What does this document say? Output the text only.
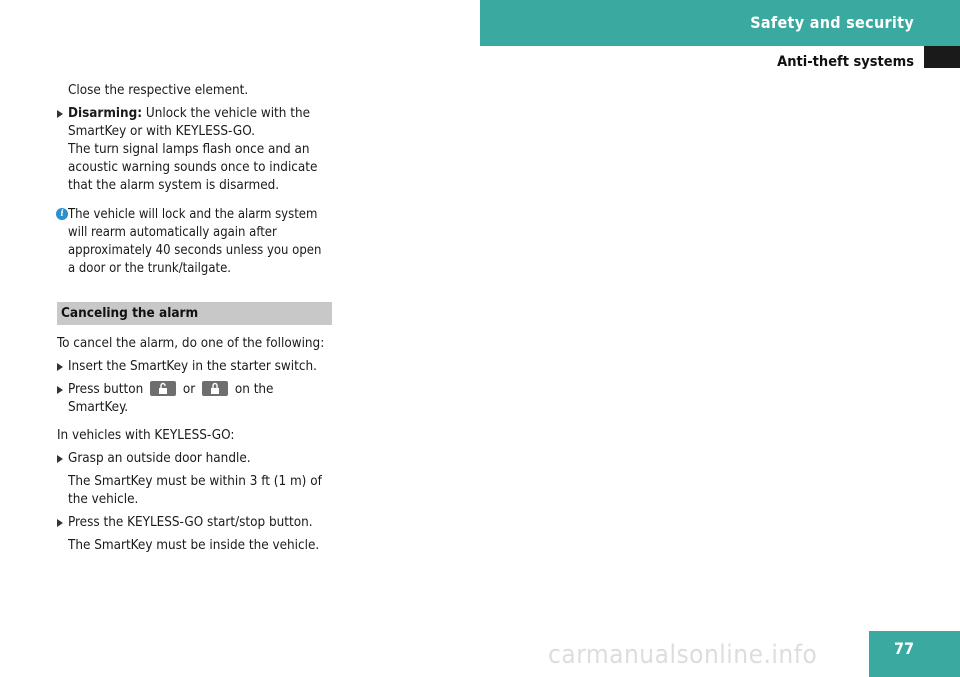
Safety and security
Anti-theft systems

Close the respective element.

Disarming: Unlock the vehicle with the SmartKey or with KEYLESS-GO.
The turn signal lamps flash once and an acoustic warning sounds once to indicate that the alarm system is disarmed.
i The vehicle will lock and the alarm system will rearm automatically again after approximately 40 seconds unless you open a door or the trunk/tailgate.
Canceling the alarm

To cancel the alarm, do one of the following:

Insert the SmartKey in the starter switch.
Press button	or	on the SmartKey.

In vehicles with KEYLESS-GO:

Grasp an outside door handle.
The SmartKey must be within 3 ft (1 m) of the vehicle.
Press the KEYLESS-GO start/stop button.
The SmartKey must be inside the vehicle.
77
carmanualsonline.info
